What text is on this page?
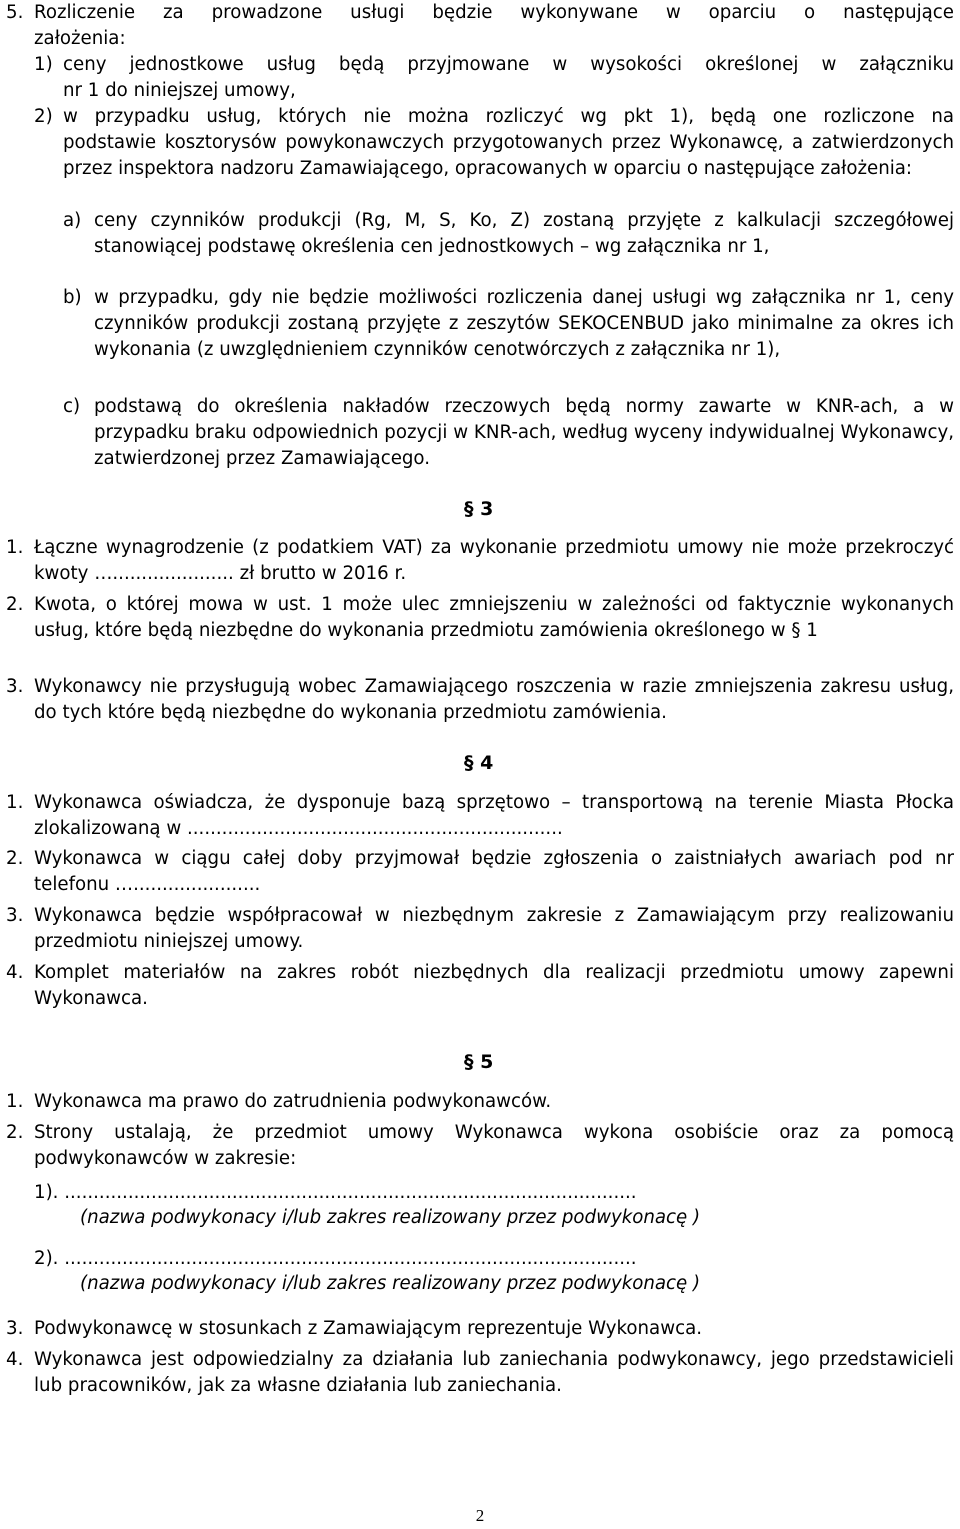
5. Rozliczenie za prowadzone usługi będzie wykonywane w oparciu o następujące

założenia:

1) ceny jednostkowe usług będą przyjmowane w wysokości określonej w załączniku

nr 1 do niniejszej umowy,

2) w przypadku usług, których nie można rozliczyć wg pkt 1), będą one rozliczone na

podstawie kosztorysów powykonawczych przygotowanych przez Wykonawcę, a zatwierdzonych przez inspektora nadzoru Zamawiającego, opracowanych w oparciu o następujące założenia:

a) ceny czynników produkcji (Rg, M, S, Ko, Z) zostaną przyjęte z kalkulacji szczegółowej stanowiącej podstawę określenia cen jednostkowych – wg załącznika nr 1,

b) w przypadku, gdy nie będzie możliwości rozliczenia danej usługi wg załącznika nr 1, ceny czynników produkcji zostaną przyjęte z zeszytów SEKOCENBUD jako minimalne za okres ich wykonania (z uwzględnieniem czynników cenotwórczych z załącznika nr 1),

c) podstawą do określenia nakładów rzeczowych będą normy zawarte w KNR-ach, a w przypadku braku odpowiednich pozycji w KNR-ach, według wyceny indywidualnej Wykonawcy, zatwierdzonej przez Zamawiającego.

§ 3
1. Łączne wynagrodzenie (z podatkiem VAT) za wykonanie przedmiotu umowy nie może przekroczyć kwoty …..................... zł brutto w 2016 r.

2. Kwota, o której mowa w ust. 1 może ulec zmniejszeniu w zależności od faktycznie wykonanych usług, które będą niezbędne do wykonania przedmiotu zamówienia określonego w § 1

3. Wykonawcy nie przysługują wobec Zamawiającego roszczenia w razie zmniejszenia zakresu usług, do tych które będą niezbędne do wykonania przedmiotu zamówienia.

§ 4
1. Wykonawca oświadcza, że dysponuje bazą sprzętowo – transportową na terenie Miasta Płocka zlokalizowaną w .................................................................

2. Wykonawca w ciągu całej doby przyjmował będzie zgłoszenia o zaistniałych awariach pod nr telefonu …......................

3. Wykonawca będzie współpracował w niezbędnym zakresie z Zamawiającym przy realizowaniu przedmiotu niniejszej umowy.

4. Komplet materiałów na zakres robót niezbędnych dla realizacji przedmiotu umowy zapewni Wykonawca.

§ 5
1. Wykonawca ma prawo do zatrudnienia podwykonawców.

2. Strony ustalają, że przedmiot umowy Wykonawca wykona osobiście oraz za pomocą podwykonawców w zakresie:

1). ...................................................................................................

(nazwa podwykonacy i/lub zakres realizowany przez podwykonacę )

2). ...................................................................................................

(nazwa podwykonacy i/lub zakres realizowany przez podwykonacę )

3. Podwykonawcę w stosunkach z Zamawiającym reprezentuje Wykonawca.

4. Wykonawca jest odpowiedzialny za działania lub zaniechania podwykonawcy, jego przedstawicieli lub pracowników, jak za własne działania lub zaniechania.

2
